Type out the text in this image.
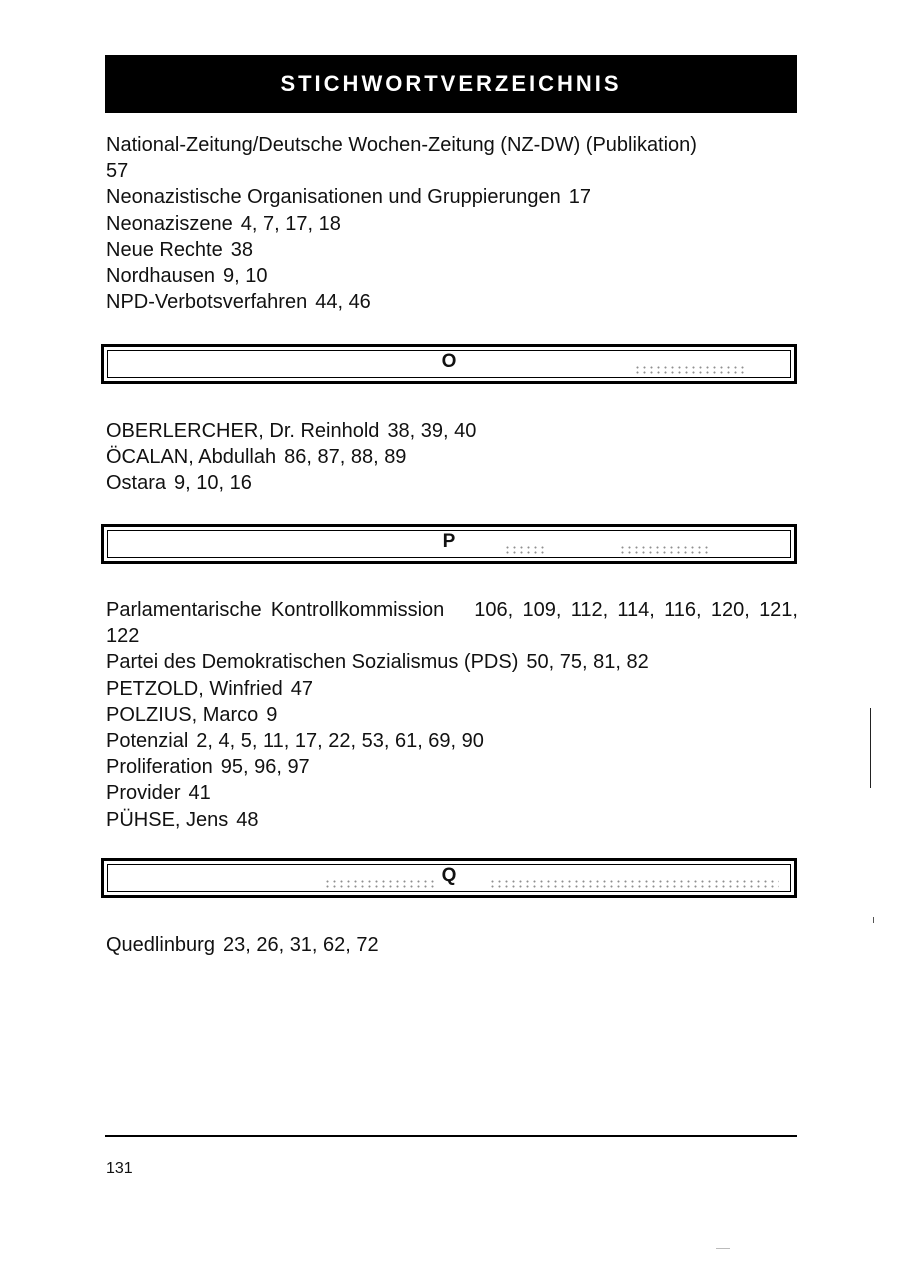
STICHWORTVERZEICHNIS

National-Zeitung/Deutsche Wochen-Zeitung (NZ-DW) (Publikation)
57

Neonazistische Organisationen und Gruppierungen 17

Neonaziszene 4, 7, 17, 18

Neue Rechte 38

Nordhausen 9, 10

NPD-Verbotsverfahren 44, 46

O

OBERLERCHER, Dr. Reinhold 38, 39, 40

ÖCALAN, Abdullah 86, 87, 88, 89

Ostara 9, 10, 16

P

Parlamentarische Kontrollkommission 106, 109, 112, 114, 116, 120, 121, 122

Partei des Demokratischen Sozialismus (PDS) 50, 75, 81, 82

PETZOLD, Winfried 47

POLZIUS, Marco 9

Potenzial 2, 4, 5, 11, 17, 22, 53, 61, 69, 90

Proliferation 95, 96, 97

Provider 41

PÜHSE, Jens 48

Q

Quedlinburg 23, 26, 31, 62, 72

131
